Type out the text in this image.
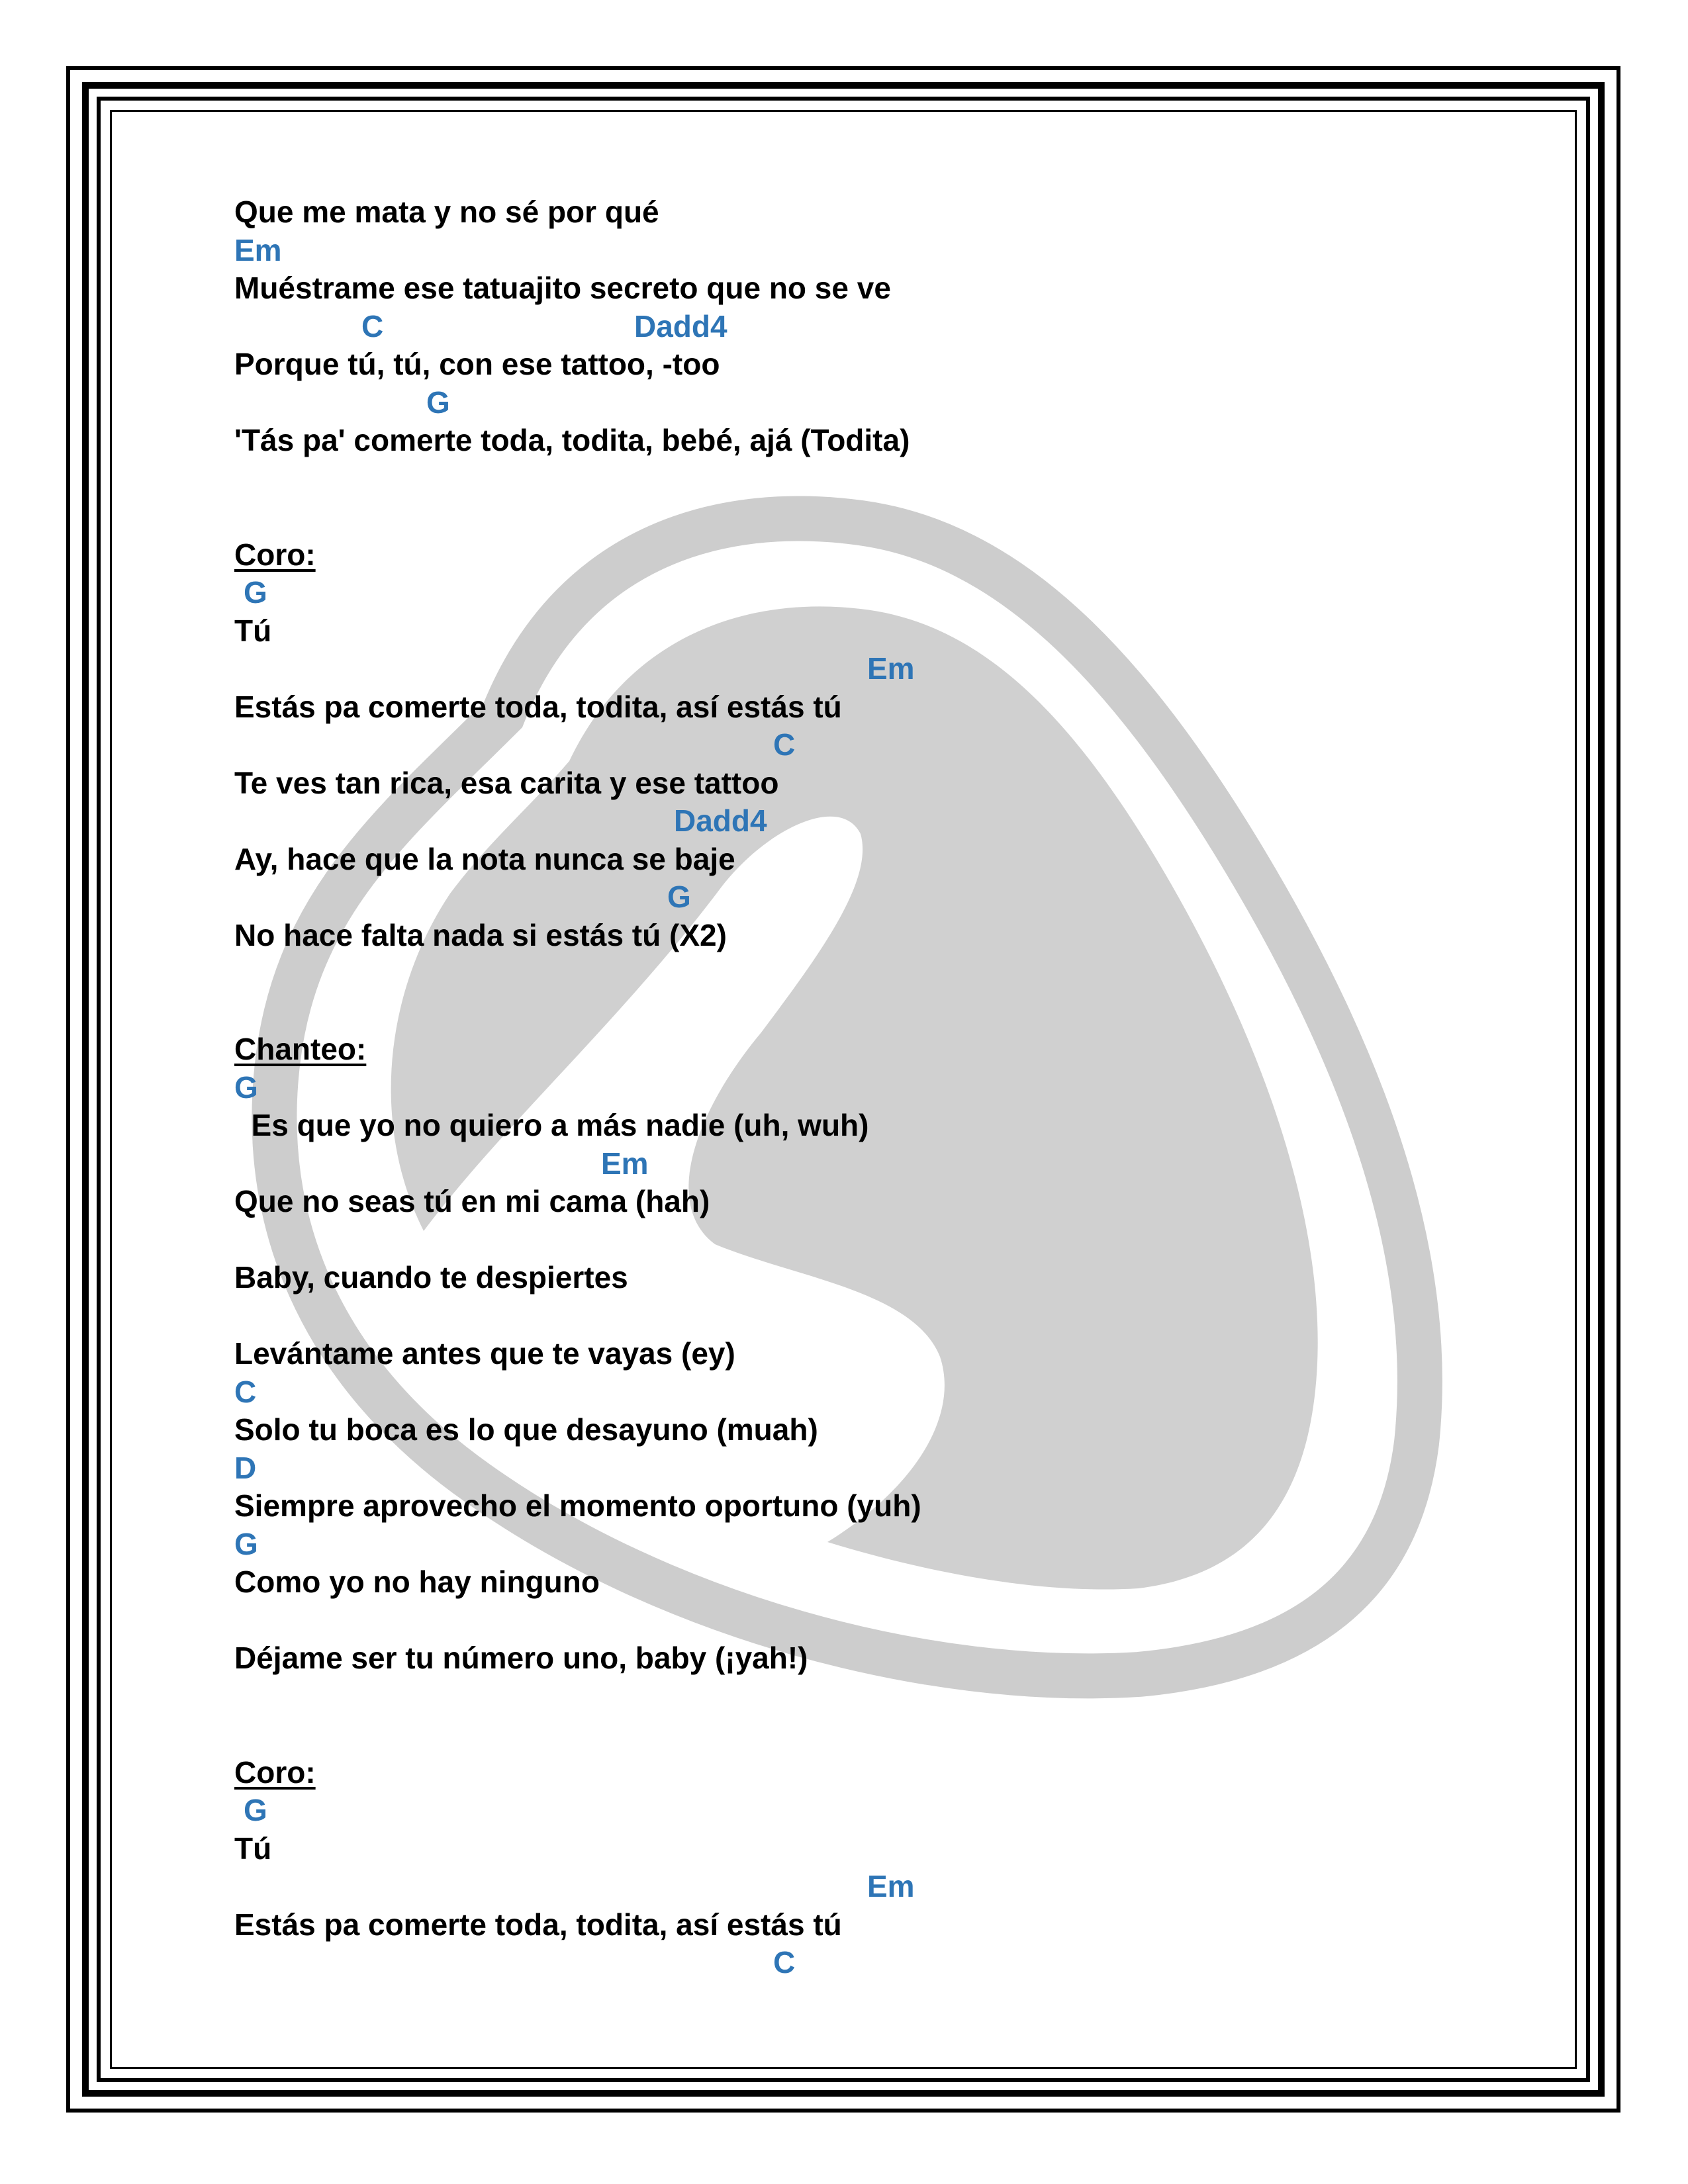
Que me mata y no sé por qué
Em
Muéstrame ese tatuajito secreto que no se ve
C	Dadd4
Porque tú, tú, con ese tattoo, -too
G
'Tás pa' comerte toda, todita, bebé, ajá (Todita)
Coro:
G
Tú
Em
Estás pa comerte toda, todita, así estás tú
C
Te ves tan rica, esa carita y ese tattoo
Dadd4
Ay, hace que la nota nunca se baje
G
No hace falta nada si estás tú (X2)
Chanteo:
G
Es que yo no quiero a más nadie (uh, wuh)
Em
Que no seas tú en mi cama (hah)
Baby, cuando te despiertes
Levántame antes que te vayas (ey)
C
Solo tu boca es lo que desayuno (muah)
D
Siempre aprovecho el momento oportuno (yuh)
G
Como yo no hay ninguno
Déjame ser tu número uno, baby (¡yah!)
Coro:
G
Tú
Em
Estás pa comerte toda, todita, así estás tú
C
